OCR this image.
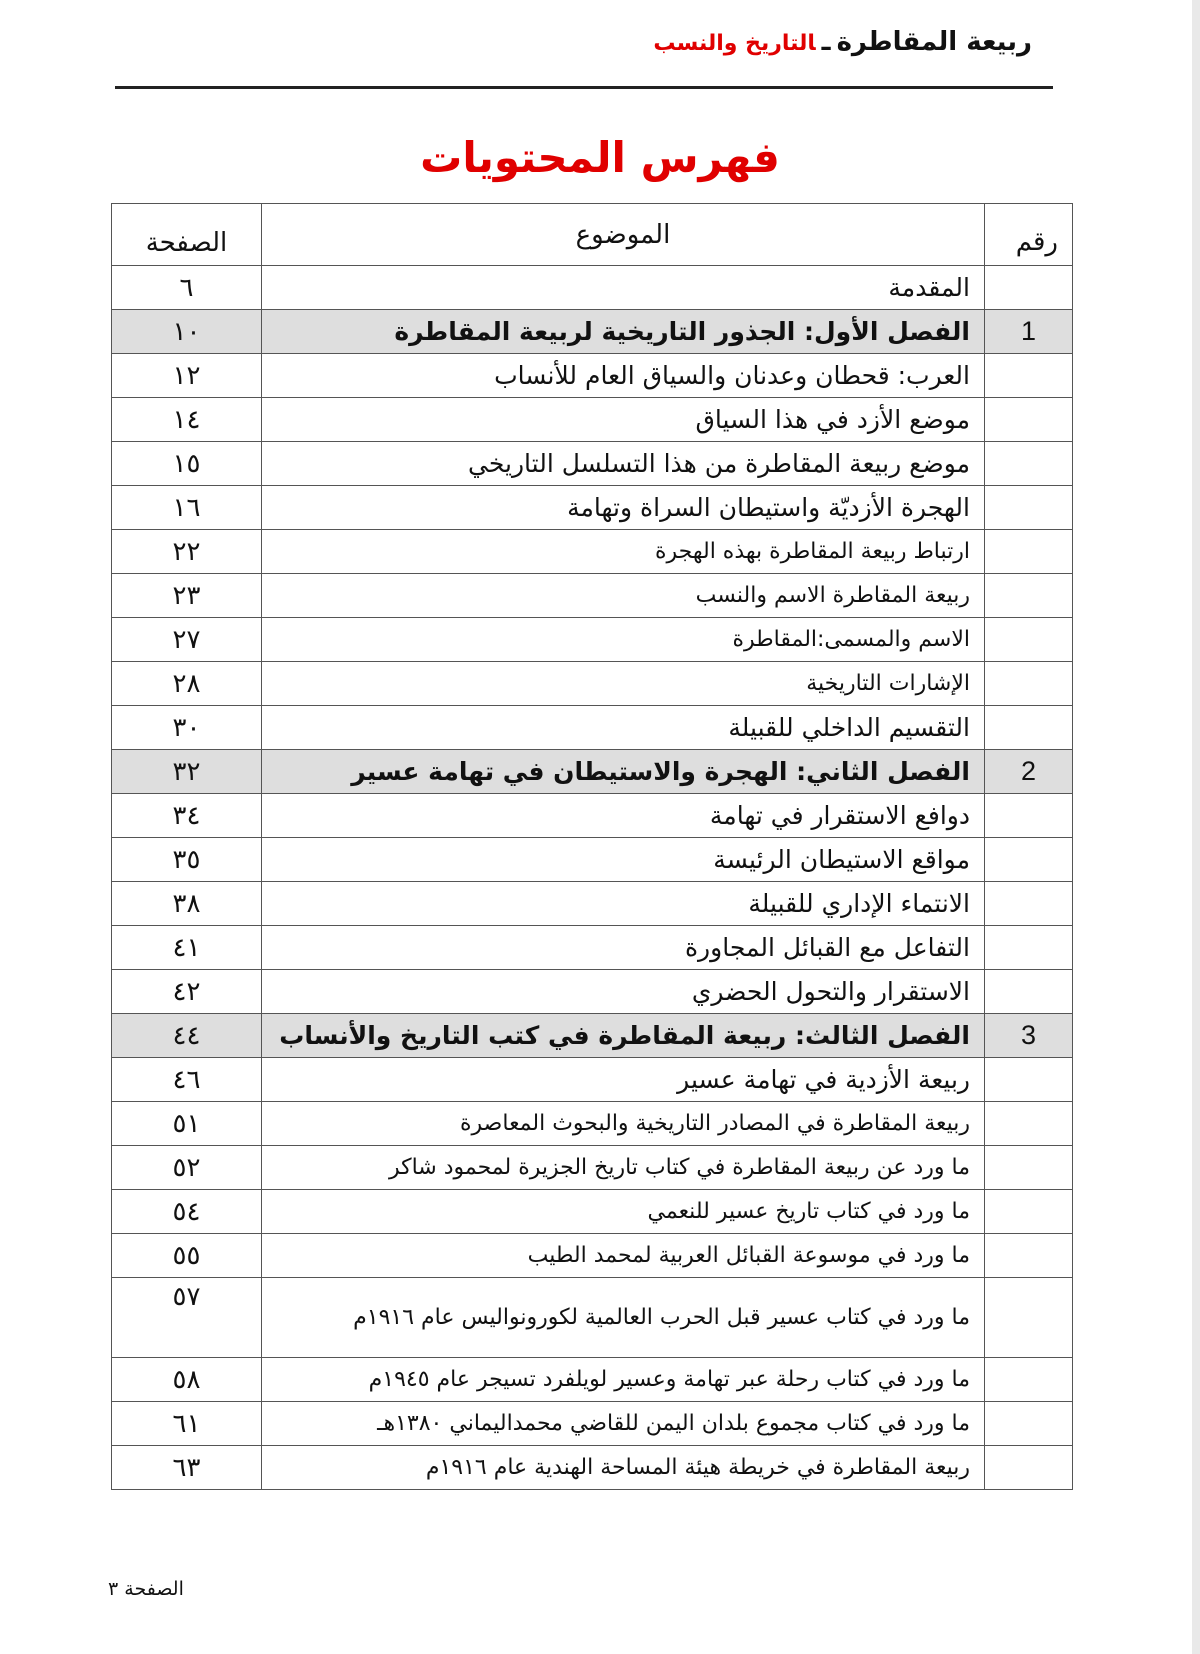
ربيعة المقاطرةـالتاريخ والنسب
فهرس المحتويات
رقم	الموضوع	الصفحة
	المقدمة	٦
1	الفصل الأول: الجذور التاريخية لربيعة المقاطرة	١٠
	العرب: قحطان وعدنان والسياق العام للأنساب	١٢
	موضع الأزد في هذا السياق	١٤
	موضع ربيعة المقاطرة من هذا التسلسل التاريخي	١٥
	الهجرة الأزديّة واستيطان السراة وتهامة	١٦
	ارتباط ربيعة المقاطرة بهذه الهجرة	٢٢
	ربيعة المقاطرة الاسم والنسب	٢٣
	الاسم والمسمى:المقاطرة	٢٧
	الإشارات التاريخية	٢٨
	التقسيم الداخلي للقبيلة	٣٠
2	الفصل الثاني: الهجرة والاستيطان في تهامة عسير	٣٢
	دوافع الاستقرار في تهامة	٣٤
	مواقع الاستيطان الرئيسة	٣٥
	الانتماء الإداري للقبيلة	٣٨
	التفاعل مع القبائل المجاورة	٤١
	الاستقرار والتحول الحضري	٤٢
3	الفصل الثالث: ربيعة المقاطرة في كتب التاريخ والأنساب	٤٤
	ربيعة الأزدية في تهامة عسير	٤٦
	ربيعة المقاطرة في المصادر التاريخية والبحوث المعاصرة	٥١
	ما ورد عن ربيعة المقاطرة في كتاب تاريخ الجزيرة لمحمود شاكر	٥٢
	ما ورد في كتاب تاريخ عسير للنعمي	٥٤
	ما ورد في موسوعة القبائل العربية لمحمد الطيب	٥٥
	ما ورد في كتاب عسير قبل الحرب العالمية لكورونواليس عام ١٩١٦م	٥٧
	ما ورد في كتاب رحلة عبر تهامة وعسير لويلفرد تسيجر عام ١٩٤٥م	٥٨
	ما ورد في كتاب مجموع بلدان اليمن للقاضي محمداليماني ١٣٨٠هـ	٦١
	ربيعة المقاطرة في خريطة هيئة المساحة الهندية عام ١٩١٦م	٦٣
الصفحة ٣
